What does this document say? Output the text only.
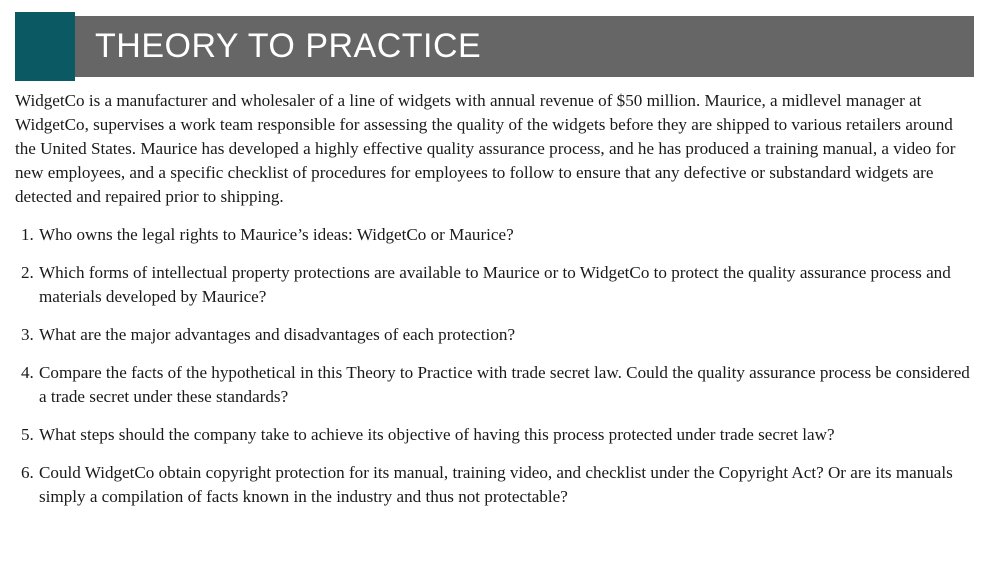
THEORY TO PRACTICE

WidgetCo is a manufacturer and wholesaler of a line of widgets with annual revenue of $50 million. Maurice, a midlevel manager at WidgetCo, supervises a work team responsible for assessing the quality of the widgets before they are shipped to various retailers around the United States. Maurice has developed a highly effective quality assurance process, and he has produced a training manual, a video for new employees, and a specific checklist of procedures for employees to follow to ensure that any defective or substandard widgets are detected and repaired prior to shipping.

1. Who owns the legal rights to Maurice’s ideas: WidgetCo or Maurice?
2. Which forms of intellectual property protections are available to Maurice or to WidgetCo to protect the quality assurance process and materials developed by Maurice?
3. What are the major advantages and disadvantages of each protection?
4. Compare the facts of the hypothetical in this Theory to Practice with trade secret law. Could the quality assurance process be considered a trade secret under these standards?
5. What steps should the company take to achieve its objective of having this process protected under trade secret law?
6. Could WidgetCo obtain copyright protection for its manual, training video, and checklist under the Copyright Act? Or are its manuals simply a compilation of facts known in the industry and thus not protectable?
